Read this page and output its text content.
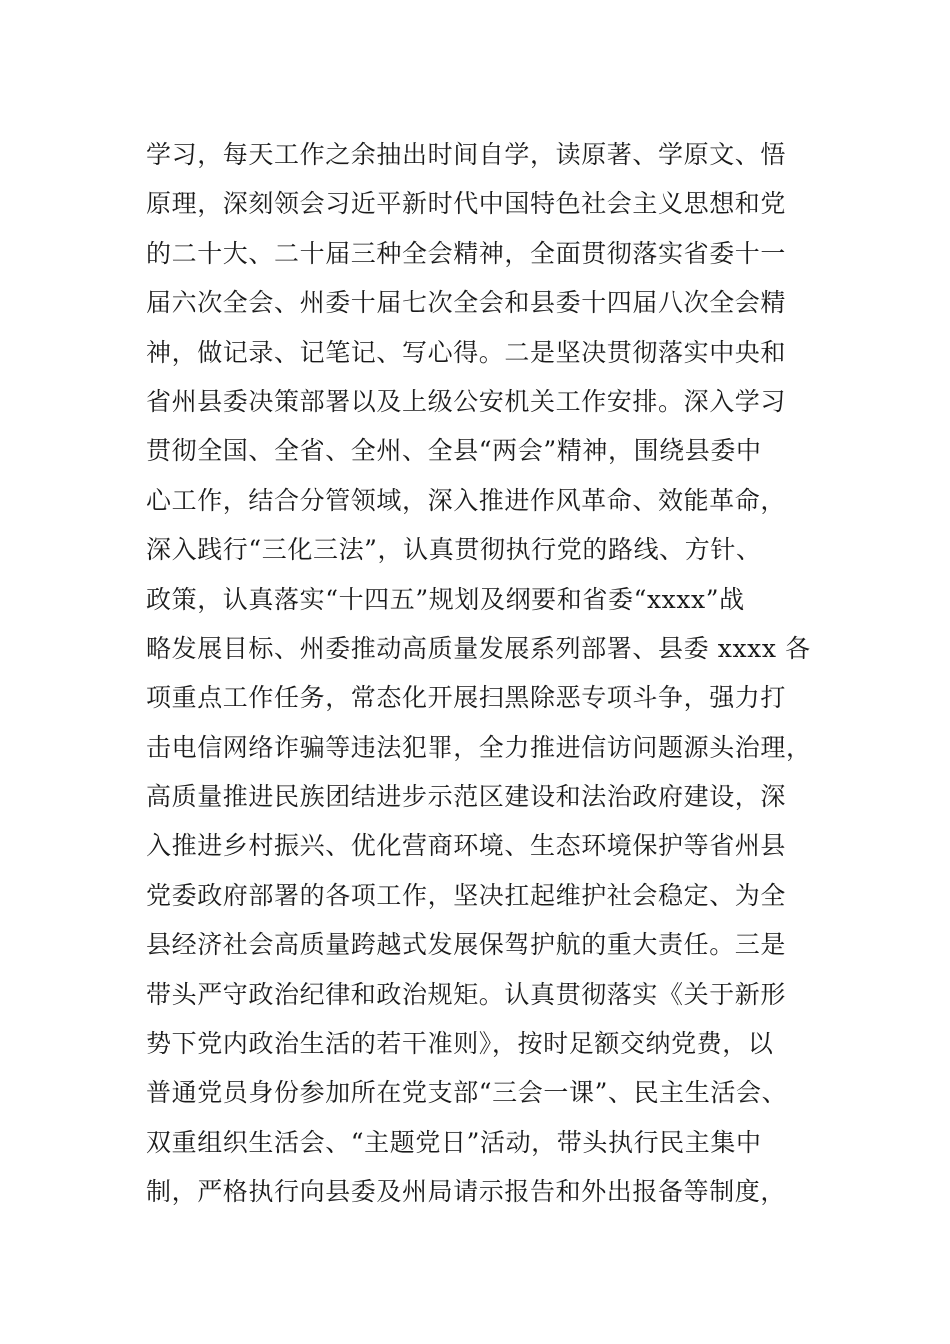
学习，每天工作之余抽出时间自学，读原著、学原文、悟
原理，深刻领会习近平新时代中国特色社会主义思想和党
的二十大、二十届三种全会精神，全面贯彻落实省委十一
届六次全会、州委十届七次全会和县委十四届八次全会精
神，做记录、记笔记、写心得。二是坚决贯彻落实中央和
省州县委决策部署以及上级公安机关工作安排。深入学习
贯彻全国、全省、全州、全县“两会”精神，围绕县委中
心工作，结合分管领域，深入推进作风革命、效能革命，
深入践行“三化三法”，认真贯彻执行党的路线、方针、
政策，认真落实“十四五”规划及纲要和省委“xxxx”战
略发展目标、州委推动高质量发展系列部署、县委 xxxx 各
项重点工作任务，常态化开展扫黑除恶专项斗争，强力打
击电信网络诈骗等违法犯罪，全力推进信访问题源头治理，
高质量推进民族团结进步示范区建设和法治政府建设，深
入推进乡村振兴、优化营商环境、生态环境保护等省州县
党委政府部署的各项工作，坚决扛起维护社会稳定、为全
县经济社会高质量跨越式发展保驾护航的重大责任。三是
带头严守政治纪律和政治规矩。认真贯彻落实《关于新形
势下党内政治生活的若干准则》，按时足额交纳党费，以
普通党员身份参加所在党支部“三会一课”、民主生活会、
双重组织生活会、“主题党日”活动，带头执行民主集中
制，严格执行向县委及州局请示报告和外出报备等制度，
